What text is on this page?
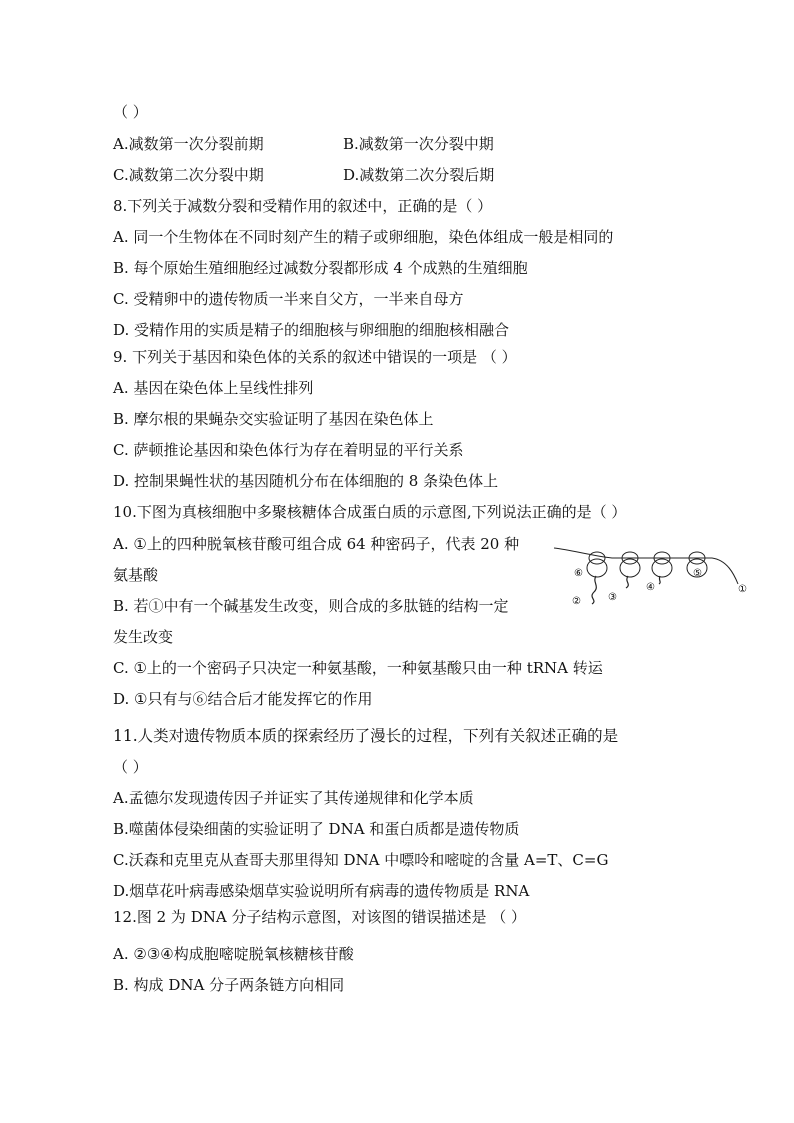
（ ）
A.减数第一次分裂前期	B.减数第一次分裂中期
C.减数第二次分裂中期	D.减数第二次分裂后期
8.下列关于减数分裂和受精作用的叙述中，正确的是（ ）
A. 同一个生物体在不同时刻产生的精子或卵细胞，染色体组成一般是相同的
B. 每个原始生殖细胞经过减数分裂都形成 4 个成熟的生殖细胞
C. 受精卵中的遗传物质一半来自父方，一半来自母方
D. 受精作用的实质是精子的细胞核与卵细胞的细胞核相融合
9. 下列关于基因和染色体的关系的叙述中错误的一项是 （ ）
A. 基因在染色体上呈线性排列
B. 摩尔根的果蝇杂交实验证明了基因在染色体上
C. 萨顿推论基因和染色体行为存在着明显的平行关系
D. 控制果蝇性状的基因随机分布在体细胞的 8 条染色体上
10.下图为真核细胞中多聚核糖体合成蛋白质的示意图,下列说法正确的是（ ）
A. ①上的四种脱氧核苷酸可组合成 64 种密码子，代表 20 种
氨基酸
B. 若①中有一个碱基发生改变，则合成的多肽链的结构一定
发生改变
C. ①上的一个密码子只决定一种氨基酸，一种氨基酸只由一种 tRNA 转运
D. ①只有与⑥结合后才能发挥它的作用
11.人类对遗传物质本质的探索经历了漫长的过程，下列有关叙述正确的是
（ ）
A.孟德尔发现遗传因子并证实了其传递规律和化学本质
B.噬菌体侵染细菌的实验证明了 DNA 和蛋白质都是遗传物质
C.沃森和克里克从查哥夫那里得知 DNA 中嘌呤和嘧啶的含量 A=T、C=G
D.烟草花叶病毒感染烟草实验说明所有病毒的遗传物质是 RNA
12.图 2 为 DNA 分子结构示意图，对该图的错误描述是 （ ）
A. ②③④构成胞嘧啶脱氧核糖核苷酸
B. 构成 DNA 分子两条链方向相同
⑥
②	③
④
⑤
①
